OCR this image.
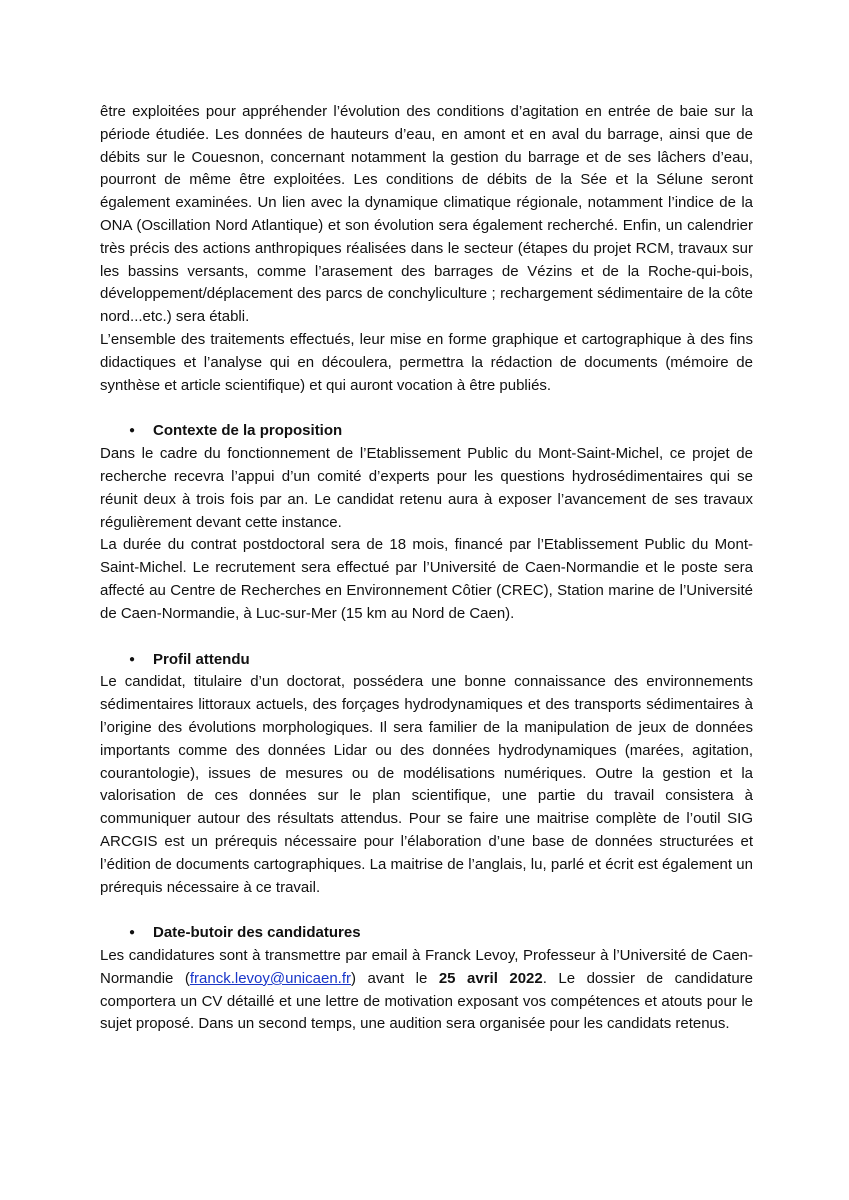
être exploitées pour appréhender l’évolution des conditions d’agitation en entrée de baie sur la période étudiée. Les données de hauteurs d’eau, en amont et en aval du barrage, ainsi que de débits sur le Couesnon, concernant notamment la gestion du barrage et de ses lâchers d’eau, pourront de même être exploitées. Les conditions de débits de la Sée et la Sélune seront également examinées. Un lien avec la dynamique climatique régionale, notamment l’indice de la ONA (Oscillation Nord Atlantique) et son évolution sera également recherché. Enfin, un calendrier très précis des actions anthropiques réalisées dans le secteur (étapes du projet RCM, travaux sur les bassins versants, comme l’arasement des barrages de Vézins et de la Roche-qui-bois, développement/déplacement des parcs de conchyliculture ; rechargement sédimentaire de la côte nord...etc.) sera établi.

L’ensemble des traitements effectués, leur mise en forme graphique et cartographique à des fins didactiques et l’analyse qui en découlera, permettra la rédaction de documents (mémoire de synthèse et article scientifique) et qui auront vocation à être publiés.

●	Contexte de la proposition

Dans le cadre du fonctionnement de l’Etablissement Public du Mont-Saint-Michel, ce projet de recherche recevra l’appui d’un comité d’experts pour les questions hydrosédimentaires qui se réunit deux à trois fois par an. Le candidat retenu aura à exposer l’avancement de ses travaux régulièrement devant cette instance.

La durée du contrat postdoctoral sera de 18 mois, financé par l’Etablissement Public du Mont-Saint-Michel. Le recrutement sera effectué par l’Université de Caen-Normandie et le poste sera affecté au Centre de Recherches en Environnement Côtier (CREC), Station marine de l’Université de Caen-Normandie, à Luc-sur-Mer (15 km au Nord de Caen).

●	Profil attendu

Le candidat, titulaire d’un doctorat, possédera une bonne connaissance des environnements sédimentaires littoraux actuels, des forçages hydrodynamiques et des transports sédimentaires à l’origine des évolutions morphologiques. Il sera familier de la manipulation de jeux de données importants comme des données Lidar ou des données hydrodynamiques (marées, agitation, courantologie), issues de mesures ou de modélisations numériques. Outre la gestion et la valorisation de ces données sur le plan scientifique, une partie du travail consistera à communiquer autour des résultats attendus. Pour se faire une maitrise complète de l’outil SIG ARCGIS est un prérequis nécessaire pour l’élaboration d’une base de données structurées et l’édition de documents cartographiques. La maitrise de l’anglais, lu, parlé et écrit est également un prérequis nécessaire à ce travail.

●	Date-butoir des candidatures

Les candidatures sont à transmettre par email à Franck Levoy, Professeur à l’Université de Caen-Normandie (franck.levoy@unicaen.fr) avant le 25 avril 2022. Le dossier de candidature comportera un CV détaillé et une lettre de motivation exposant vos compétences et atouts pour le sujet proposé. Dans un second temps, une audition sera organisée pour les candidats retenus.
